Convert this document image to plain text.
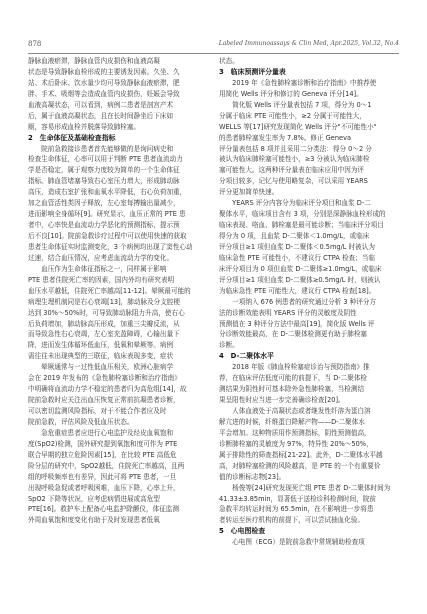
878	Labeled Immunoassays & Clin Med, Apr.2025, Vol.32, No.4
静脉血液瘀滞，静脉血管内皮损伤和血液高凝
状态是导致静脉血栓形成的主要诱发因素。久坐、久
站、术后卧床、饮水量少均可导致静脉血液瘀滞，肥
胖、手术、吸烟等会造成血管内皮损伤，妊娠会导致
血液高凝状态，可以看到，病例二患者是剖宫产术
后，属于血液高凝状态，且在长时间静坐后下床如
厕，容易形成血栓并脱落导致肺栓塞。
2　生命体征及基础检查指标
　　院前急救接诊患者首先能够做的是询问病史和
检查生命体征，心率可以用于判断 PTE 患者血流动力
学是否稳定，属于观察力度较为简单的一个生命体征
指标。肺血管堵塞导致右心室压力增大，形成肺动脉
高压，造成右室扩张和血氧水平降低，右心负荷加重，
加之血管活性类因子释放，左心室每搏输出量减少，
进而影响全身循环[9]。研究显示，血压正常的 PTE 患
者中，心率快是血流动力学恶化的预测指标，提示预
后不良[10]。院前急救诊疗过程中可以使用快速的获取
患者生命体征实时监测变化，3 个病例均出现了窦性心动
过速，结合血压情况，应考虑血流动力学的变化。
　　血压作为生命体征指标之一，同样属于影响
PTE 患者住院死亡率的因素，国内外均有研究表明
血压水平越低，住院死亡率越高[11-12]。晕厥最可能的
病理生理机制同是右心衰竭[13]，肺动脉及分支腔梗
达到 30%～50%时，可导致肺动脉阻力升高，使右心
后负荷增加，肺动脉高压形成，加重三尖瓣反流，从
而导致急性右心衰竭，左心室充盈障碍，心输出量下
降，进而发生体循环低血压，低氧和晕厥等。病例
需往往未出现典型的三联征，临床表现多变，症状
　　晕厥通常与一过性低血压相关，欧洲心脏病学
会在 2019 年发布的《急性肺栓塞诊断和治疗指南》
中明确将血流动力学不稳定的患者归为高危组[14]，故
院前急救时应关注出血压恢复正常前抗凝患者诊断，
可以密切监测风险指标，对于不能合作者应及时
院前急救，评估风险及低血压状态。
　　急危重症患者应进行心电监护及经皮血氧饱和
度(SpO2)检测，国外研究提到氧饱和度可作为 PTE
联合早期的独立危险因素[15]，在比较 PTE 高低危
险分层的研究中，SpO2越低，住院死亡率越高，且两
组的呼吸频率也有差异，因此可将 PTE 患者，一旦
出现呼吸急促或者呼吸困难，血压下降，心率上升，
SpO2 下降等状况，应考虑病情进展或高危型
PTE[16]。救护车上配备心电监护除颤仪，体征监测
外周血氧饱和度变化有助于及时发现患者低氧
状态。
3　临床预测评分量表
　　2019 年《急性肺栓塞诊断和治疗指南》中推荐使
用简化 Wells 评分和修订的 Geneva 评分[14]。
　　简化版 Wells 评分量表包括 7 项，得分为 0～1
分属于临床 PTE 可能性小，≥2 分属于可能性大，
WELLS 等[17]研究发现简化 Wells 评分"不可能性小"
的患者肺栓塞发生率为 7.8%。修正 Geneva
评分量表包括 8 项并且采用二分类法：得分 0～2 分
被认为临床肺栓塞可能性小，≥3 分被认为临床肺栓
塞可能性大。这两种评分量表在临床应用中因为评
分项目较多，记忆与使用略复杂，可以采用 YEARS
评分更加简单快速。
　　YEARS 评分内容分为临床评分项目和血浆 D-二
聚体水平，临床项目含有 3 项，分别是深静脉血栓形成的
临床表现、咯血、肺栓塞是最可能诊断；当临床评分项目
得分为 0 项，且血浆 D-二聚体＜1.0mg/L，或临床
评分项目≥1 项但血浆 D-二聚体＜0.5mg/L 时被认为
临床急性 PTE 可能性小，不建议行 CTPA 检查；当临
床评分项目为 0 项但血浆 D-二聚体≥1.0mg/L，或临床
评分项目≥1 项但血浆 D-二聚体≥0.5mg/L 时，则被认
为临床急性 PTE 可能性大，建议行 CTPA 检查[18]。
　　一项纳入 676 例患者的研究通过分析 3 种评分方
法的诊断效能表明 YEARS 评分的灵敏度及阴性
预测值在 3 种评分方法中最高[19]，简化版 Wells 评
分诊断效能最高，在 D-二聚体检测更有助于肺栓塞
诊断。
4　D-二聚体水平
　　2018 年版《肺血栓栓塞症诊治与预防指南》推
荐，在临床评估低度可能的前提下，当 D-二聚体检
测结果为阴性时可基本除外急性肺栓塞，当检测结
果呈阳性时应当进一步完善确诊检查[20]。
　　人体血液处于高凝状态或者继发性纤溶为蛋白溶
解亢进的时候，纤维蛋白降解产物——D-二聚体水
平会增加。这种物质用作预测指标，阴性预测值高，
诊断肺栓塞的灵敏度为 97%，特异性 20%～50%，
属于排除性的筛查指标[21-22]。此外，D-二聚体水平越
高，对肺栓塞检测的风险越高，是 PTE 的一个有重要价
值的诊断标志物[23]。
　　杨俊等[24]研究发现死亡组 PTE 患者 D-二聚体时间为
41.33±3.85min，显著低于送检诊科检测时间，院前
急救平均转运时间为 65.5min，在不影响进一步将患
者转运至医疗机构的前提下，可以尝试抽血化验。
5　心电图检查
　　心电图（ECG）是院前急救中常规辅助检查项
